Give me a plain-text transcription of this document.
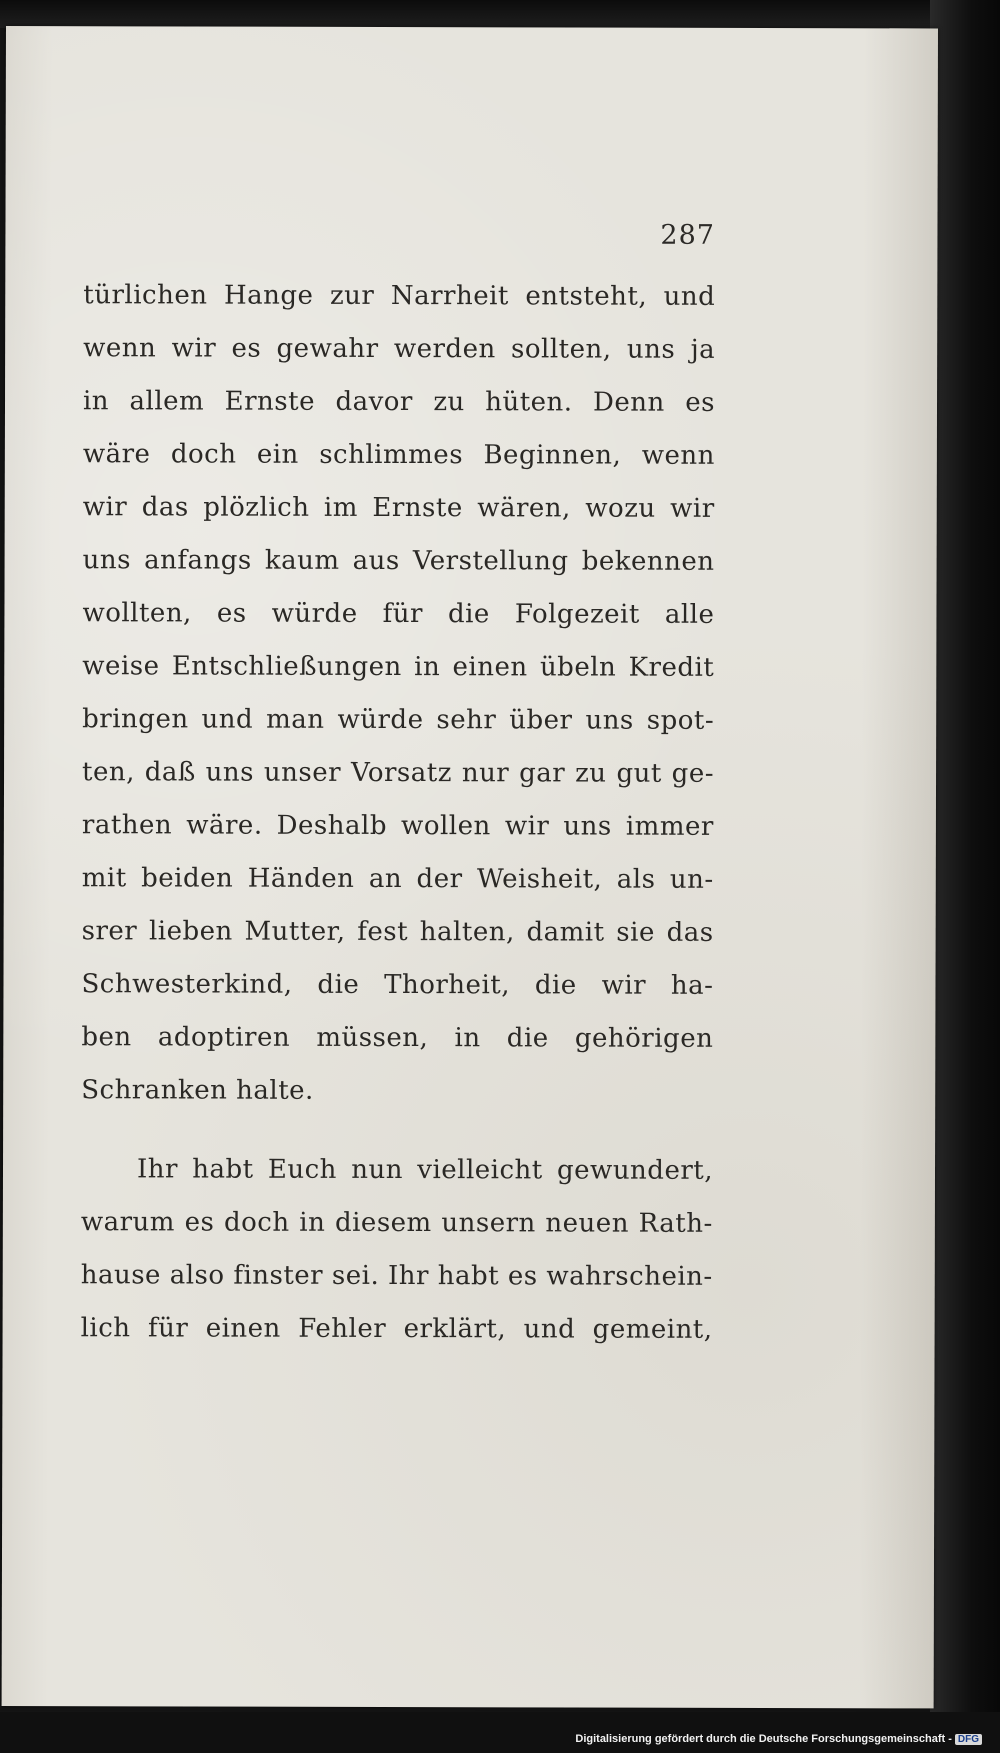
287
türlichen Hange zur Narrheit entsteht, und
wenn wir es gewahr werden sollten, uns ja
in allem Ernste davor zu hüten. Denn es
wäre doch ein schlimmes Beginnen, wenn
wir das plözlich im Ernste wären, wozu wir
uns anfangs kaum aus Verstellung bekennen
wollten, es würde für die Folgezeit alle
weise Entschließungen in einen übeln Kredit
bringen und man würde sehr über uns spot-
ten, daß uns unser Vorsatz nur gar zu gut ge-
rathen wäre. Deshalb wollen wir uns immer
mit beiden Händen an der Weisheit, als un-
srer lieben Mutter, fest halten, damit sie das
Schwesterkind, die Thorheit, die wir ha-
ben adoptiren müssen, in die gehörigen
Schranken halte.
Ihr habt Euch nun vielleicht gewundert,
warum es doch in diesem unsern neuen Rath-
hause also finster sei. Ihr habt es wahrschein-
lich für einen Fehler erklärt, und gemeint,
Digitalisierung gefördert durch die Deutsche Forschungsgemeinschaft - DFG
